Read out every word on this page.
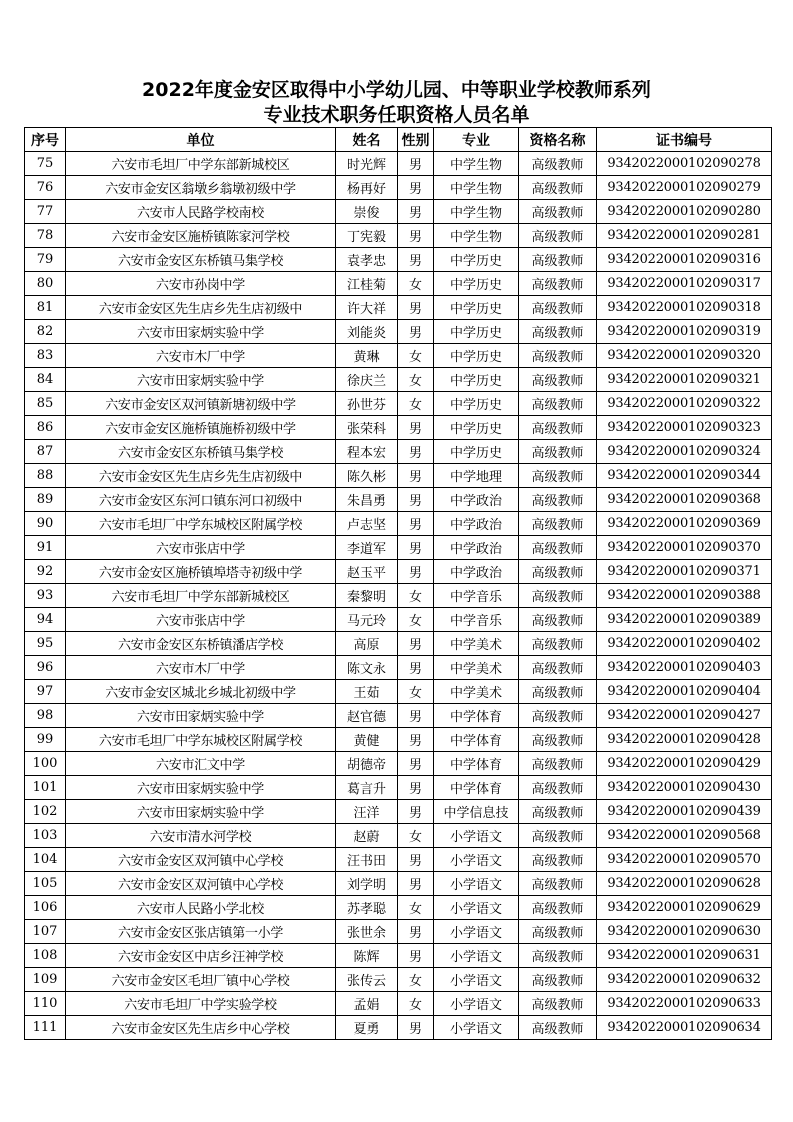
2022年度金安区取得中小学幼儿园、中等职业学校教师系列
专业技术职务任职资格人员名单
序号	单位	姓名	性别	专业	资格名称	证书编号
75	六安市毛坦厂中学东部新城校区	时光辉	男	中学生物	高级教师	9342022000102090278
76	六安市金安区翁墩乡翁墩初级中学	杨再好	男	中学生物	高级教师	9342022000102090279
77	六安市人民路学校南校	崇俊	男	中学生物	高级教师	9342022000102090280
78	六安市金安区施桥镇陈家河学校	丁宪毅	男	中学生物	高级教师	9342022000102090281
79	六安市金安区东桥镇马集学校	袁孝忠	男	中学历史	高级教师	9342022000102090316
80	六安市孙岗中学	江桂菊	女	中学历史	高级教师	9342022000102090317
81	六安市金安区先生店乡先生店初级中	许大祥	男	中学历史	高级教师	9342022000102090318
82	六安市田家炳实验中学	刘能炎	男	中学历史	高级教师	9342022000102090319
83	六安市木厂中学	黄琳	女	中学历史	高级教师	9342022000102090320
84	六安市田家炳实验中学	徐庆兰	女	中学历史	高级教师	9342022000102090321
85	六安市金安区双河镇新塘初级中学	孙世芬	女	中学历史	高级教师	9342022000102090322
86	六安市金安区施桥镇施桥初级中学	张荣科	男	中学历史	高级教师	9342022000102090323
87	六安市金安区东桥镇马集学校	程本宏	男	中学历史	高级教师	9342022000102090324
88	六安市金安区先生店乡先生店初级中	陈久彬	男	中学地理	高级教师	9342022000102090344
89	六安市金安区东河口镇东河口初级中	朱昌勇	男	中学政治	高级教师	9342022000102090368
90	六安市毛坦厂中学东城校区附属学校	卢志坚	男	中学政治	高级教师	9342022000102090369
91	六安市张店中学	李道军	男	中学政治	高级教师	9342022000102090370
92	六安市金安区施桥镇埠塔寺初级中学	赵玉平	男	中学政治	高级教师	9342022000102090371
93	六安市毛坦厂中学东部新城校区	秦黎明	女	中学音乐	高级教师	9342022000102090388
94	六安市张店中学	马元玲	女	中学音乐	高级教师	9342022000102090389
95	六安市金安区东桥镇潘店学校	高原	男	中学美术	高级教师	9342022000102090402
96	六安市木厂中学	陈文永	男	中学美术	高级教师	9342022000102090403
97	六安市金安区城北乡城北初级中学	王茹	女	中学美术	高级教师	9342022000102090404
98	六安市田家炳实验中学	赵官德	男	中学体育	高级教师	9342022000102090427
99	六安市毛坦厂中学东城校区附属学校	黄健	男	中学体育	高级教师	9342022000102090428
100	六安市汇文中学	胡德帝	男	中学体育	高级教师	9342022000102090429
101	六安市田家炳实验中学	葛言升	男	中学体育	高级教师	9342022000102090430
102	六安市田家炳实验中学	汪洋	男	中学信息技	高级教师	9342022000102090439
103	六安市清水河学校	赵蔚	女	小学语文	高级教师	9342022000102090568
104	六安市金安区双河镇中心学校	汪书田	男	小学语文	高级教师	9342022000102090570
105	六安市金安区双河镇中心学校	刘学明	男	小学语文	高级教师	9342022000102090628
106	六安市人民路小学北校	苏孝聪	女	小学语文	高级教师	9342022000102090629
107	六安市金安区张店镇第一小学	张世余	男	小学语文	高级教师	9342022000102090630
108	六安市金安区中店乡汪神学校	陈辉	男	小学语文	高级教师	9342022000102090631
109	六安市金安区毛坦厂镇中心学校	张传云	女	小学语文	高级教师	9342022000102090632
110	六安市毛坦厂中学实验学校	孟娟	女	小学语文	高级教师	9342022000102090633
111	六安市金安区先生店乡中心学校	夏勇	男	小学语文	高级教师	9342022000102090634
